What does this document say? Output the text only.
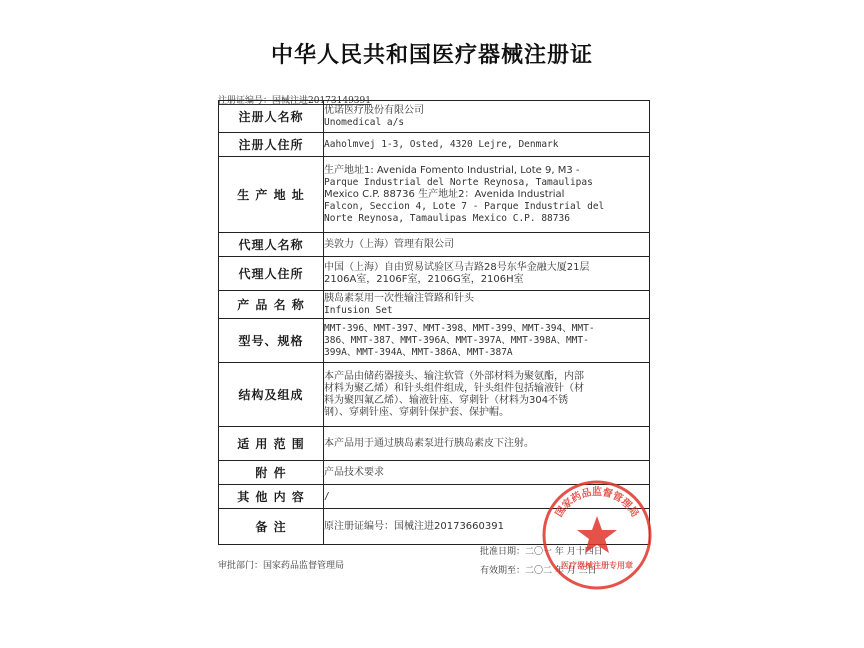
中华人民共和国医疗器械注册证
注册证编号：国械注进20173149391
注册人名称	优诺医疗股份有限公司
Unomedical a/s

注册人住所	Aaholmvej 1-3, Osted, 4320 Lejre, Denmark

生 产 地 址	生产地址1: Avenida Fomento Industrial, Lote 9, M3 -
Parque Industrial del Norte Reynosa, Tamaulipas
Mexico C.P. 88736 生产地址2：Avenida Industrial
Falcon, Seccion 4, Lote 7 - Parque Industrial del
Norte Reynosa, Tamaulipas Mexico C.P. 88736

代理人名称	美敦力（上海）管理有限公司

代理人住所	中国（上海）自由贸易试验区马吉路28号东华金融大厦21层
2106A室，2106F室，2106G室，2106H室

产 品 名 称	胰岛素泵用一次性输注管路和针头
Infusion Set

型号、规格	MMT-396、MMT-397、MMT-398、MMT-399、MMT-394、MMT-
386、MMT-387、MMT-396A、MMT-397A、MMT-398A、MMT-
399A、MMT-394A、MMT-386A、MMT-387A

结构及组成	本产品由储药器接头、输注软管（外部材料为聚氨酯，内部
材料为聚乙烯）和针头组件组成，针头组件包括输液针（材
料为聚四氟乙烯）、输液针座、穿刺针（材料为304不锈
钢）、穿刺针座、穿刺针保护套、保护帽。

适 用 范 围	本产品用于通过胰岛素泵进行胰岛素皮下注射。

附 件	产品技术要求

其 他 内 容	/

备 注	原注册证编号：国械注进20173660391
审批部门：国家药品监督管理局
批准日期：二〇一 年 月十四日
有效期至：二〇二 年 月 三日
国家药品监督管理局
医疗器械注册专用章
